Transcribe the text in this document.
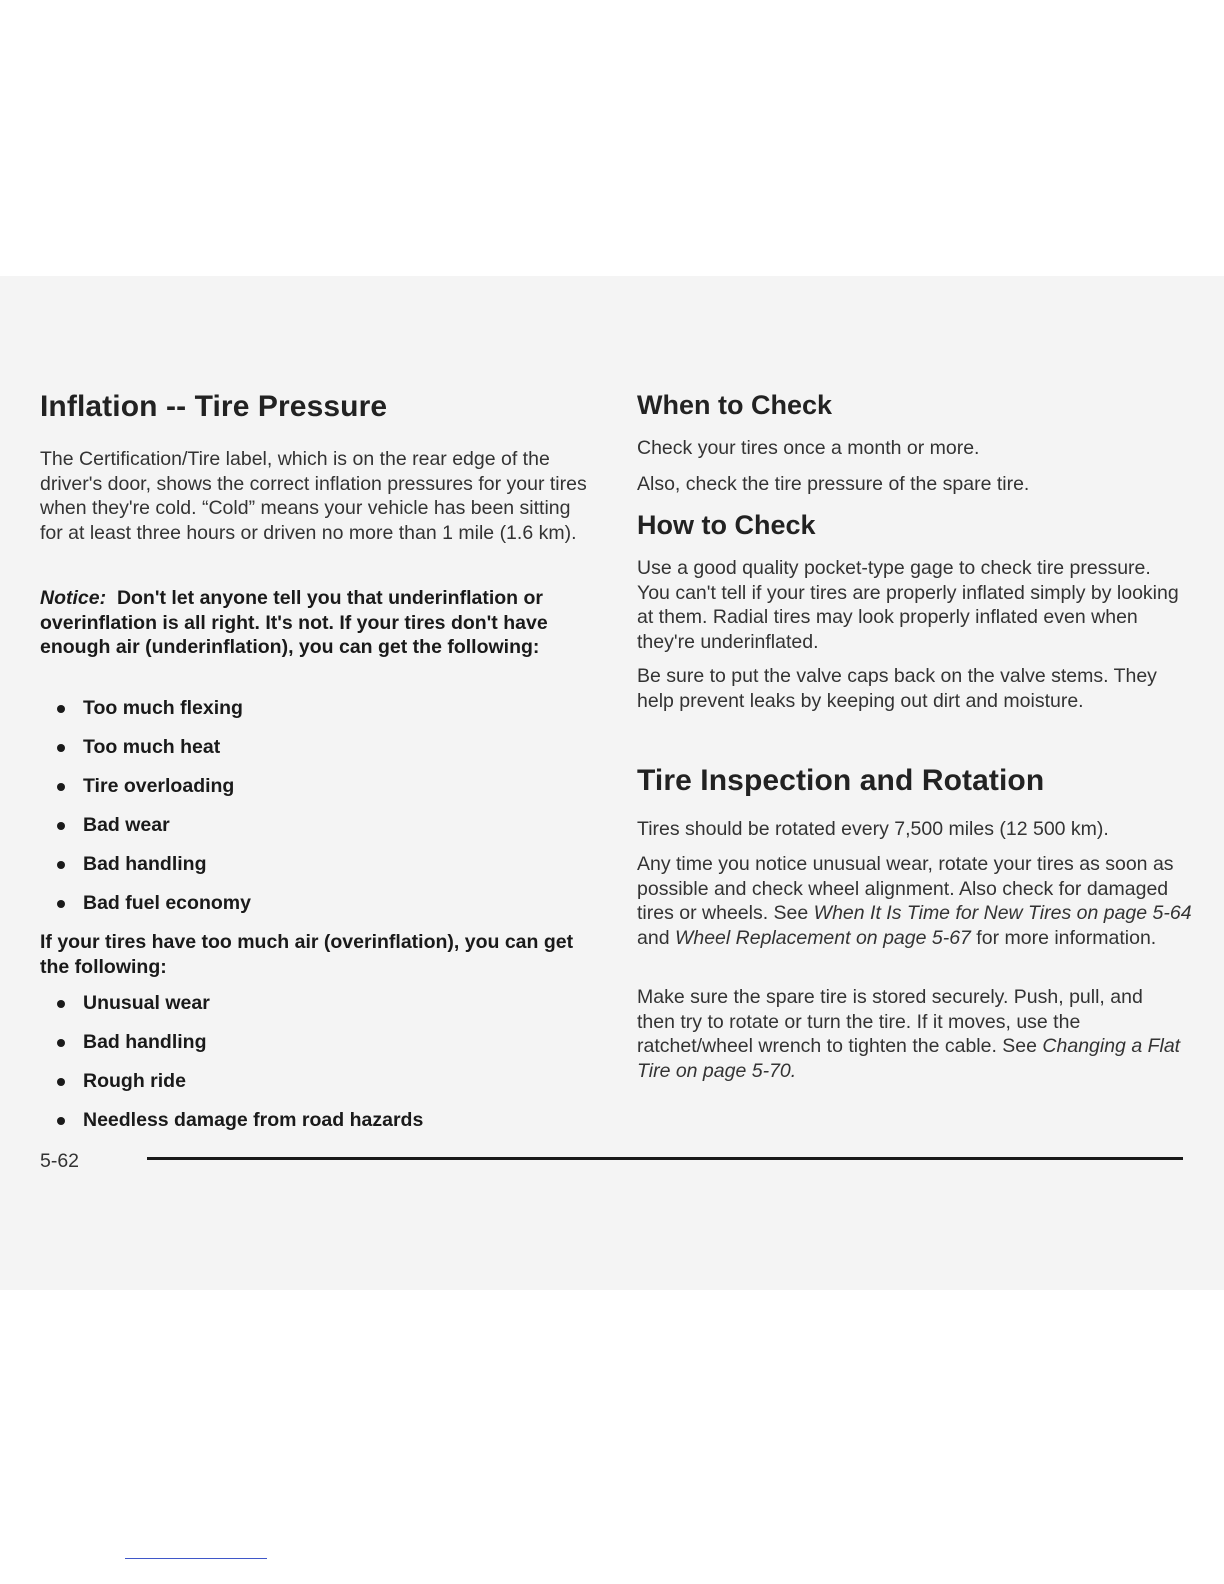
Inflation -- Tire Pressure

The Certification/Tire label, which is on the rear edge of the driver's door, shows the correct inflation pressures for your tires when they're cold. “Cold” means your vehicle has been sitting for at least three hours or driven no more than 1 mile (1.6 km).

Notice: Don't let anyone tell you that underinflation or overinflation is all right. It's not. If your tires don't have enough air (underinflation), you can get the following:

Too much flexing
Too much heat
Tire overloading
Bad wear
Bad handling
Bad fuel economy

If your tires have too much air (overinflation), you can get the following:

Unusual wear
Bad handling
Rough ride
Needless damage from road hazards
When to Check

Check your tires once a month or more.

Also, check the tire pressure of the spare tire.

How to Check

Use a good quality pocket-type gage to check tire pressure. You can't tell if your tires are properly inflated simply by looking at them. Radial tires may look properly inflated even when they're underinflated.

Be sure to put the valve caps back on the valve stems. They help prevent leaks by keeping out dirt and moisture.

Tire Inspection and Rotation

Tires should be rotated every 7,500 miles (12 500 km).

Any time you notice unusual wear, rotate your tires as soon as possible and check wheel alignment. Also check for damaged tires or wheels. See When It Is Time for New Tires on page 5-64 and Wheel Replacement on page 5-67 for more information.

Make sure the spare tire is stored securely. Push, pull, and then try to rotate or turn the tire. If it moves, use the ratchet/wheel wrench to tighten the cable. See Changing a Flat Tire on page 5-70.

5-62
